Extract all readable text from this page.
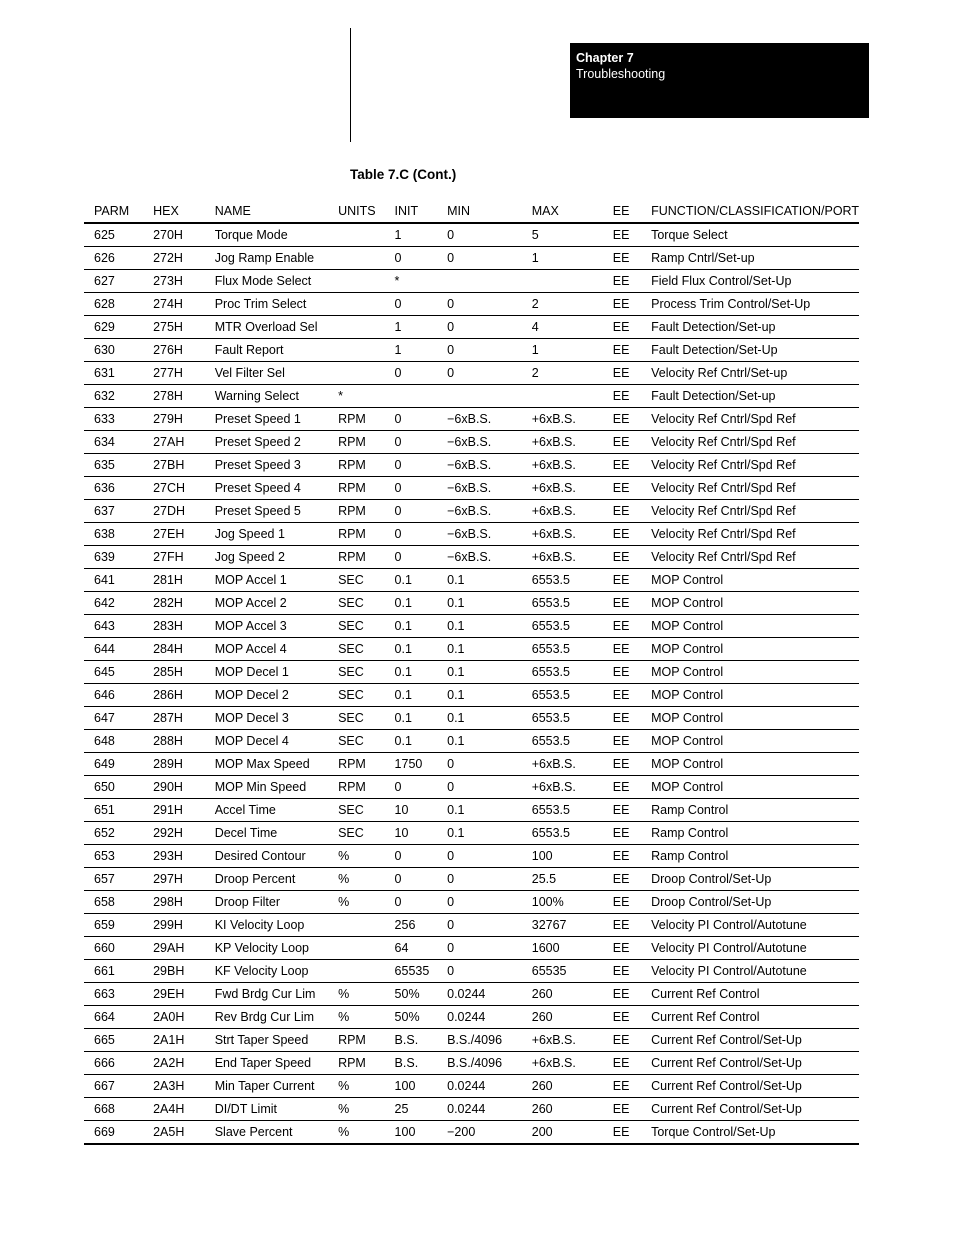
Chapter 7
Troubleshooting
Table 7.C (Cont.)
PARM	HEX	NAME	UNITS	INIT	MIN	MAX	EE	FUNCTION/CLASSIFICATION/PORT
625	270H	Torque Mode		1	0	5	EE	Torque Select
626	272H	Jog Ramp Enable		0	0	1	EE	Ramp Cntrl/Set-up
627	273H	Flux Mode Select		*			EE	Field Flux Control/Set-Up
628	274H	Proc Trim Select		0	0	2	EE	Process Trim Control/Set-Up
629	275H	MTR Overload Sel		1	0	4	EE	Fault Detection/Set-up
630	276H	Fault Report		1	0	1	EE	Fault Detection/Set-Up
631	277H	Vel Filter Sel		0	0	2	EE	Velocity Ref Cntrl/Set-up
632	278H	Warning Select	*				EE	Fault Detection/Set-up
633	279H	Preset Speed 1	RPM	0	−6xB.S.	+6xB.S.	EE	Velocity Ref Cntrl/Spd Ref
634	27AH	Preset Speed 2	RPM	0	−6xB.S.	+6xB.S.	EE	Velocity Ref Cntrl/Spd Ref
635	27BH	Preset Speed 3	RPM	0	−6xB.S.	+6xB.S.	EE	Velocity Ref Cntrl/Spd Ref
636	27CH	Preset Speed 4	RPM	0	−6xB.S.	+6xB.S.	EE	Velocity Ref Cntrl/Spd Ref
637	27DH	Preset Speed 5	RPM	0	−6xB.S.	+6xB.S.	EE	Velocity Ref Cntrl/Spd Ref
638	27EH	Jog Speed 1	RPM	0	−6xB.S.	+6xB.S.	EE	Velocity Ref Cntrl/Spd Ref
639	27FH	Jog Speed 2	RPM	0	−6xB.S.	+6xB.S.	EE	Velocity Ref Cntrl/Spd Ref
641	281H	MOP Accel 1	SEC	0.1	0.1	6553.5	EE	MOP Control
642	282H	MOP Accel 2	SEC	0.1	0.1	6553.5	EE	MOP Control
643	283H	MOP Accel 3	SEC	0.1	0.1	6553.5	EE	MOP Control
644	284H	MOP Accel 4	SEC	0.1	0.1	6553.5	EE	MOP Control
645	285H	MOP Decel 1	SEC	0.1	0.1	6553.5	EE	MOP Control
646	286H	MOP Decel 2	SEC	0.1	0.1	6553.5	EE	MOP Control
647	287H	MOP Decel 3	SEC	0.1	0.1	6553.5	EE	MOP Control
648	288H	MOP Decel 4	SEC	0.1	0.1	6553.5	EE	MOP Control
649	289H	MOP Max Speed	RPM	1750	0	+6xB.S.	EE	MOP Control
650	290H	MOP Min Speed	RPM	0	0	+6xB.S.	EE	MOP Control
651	291H	Accel Time	SEC	10	0.1	6553.5	EE	Ramp Control
652	292H	Decel Time	SEC	10	0.1	6553.5	EE	Ramp Control
653	293H	Desired Contour	%	0	0	100	EE	Ramp Control
657	297H	Droop Percent	%	0	0	25.5	EE	Droop Control/Set-Up
658	298H	Droop Filter	%	0	0	100%	EE	Droop Control/Set-Up
659	299H	KI Velocity Loop		256	0	32767	EE	Velocity PI Control/Autotune
660	29AH	KP Velocity Loop		64	0	1600	EE	Velocity PI Control/Autotune
661	29BH	KF Velocity Loop		65535	0	65535	EE	Velocity PI Control/Autotune
663	29EH	Fwd Brdg Cur Lim	%	50%	0.0244	260	EE	Current Ref Control
664	2A0H	Rev Brdg Cur Lim	%	50%	0.0244	260	EE	Current Ref Control
665	2A1H	Strt Taper Speed	RPM	B.S.	B.S./4096	+6xB.S.	EE	Current Ref Control/Set-Up
666	2A2H	End Taper Speed	RPM	B.S.	B.S./4096	+6xB.S.	EE	Current Ref Control/Set-Up
667	2A3H	Min Taper Current	%	100	0.0244	260	EE	Current Ref Control/Set-Up
668	2A4H	DI/DT Limit	%	25	0.0244	260	EE	Current Ref Control/Set-Up
669	2A5H	Slave Percent	%	100	−200	200	EE	Torque Control/Set-Up
